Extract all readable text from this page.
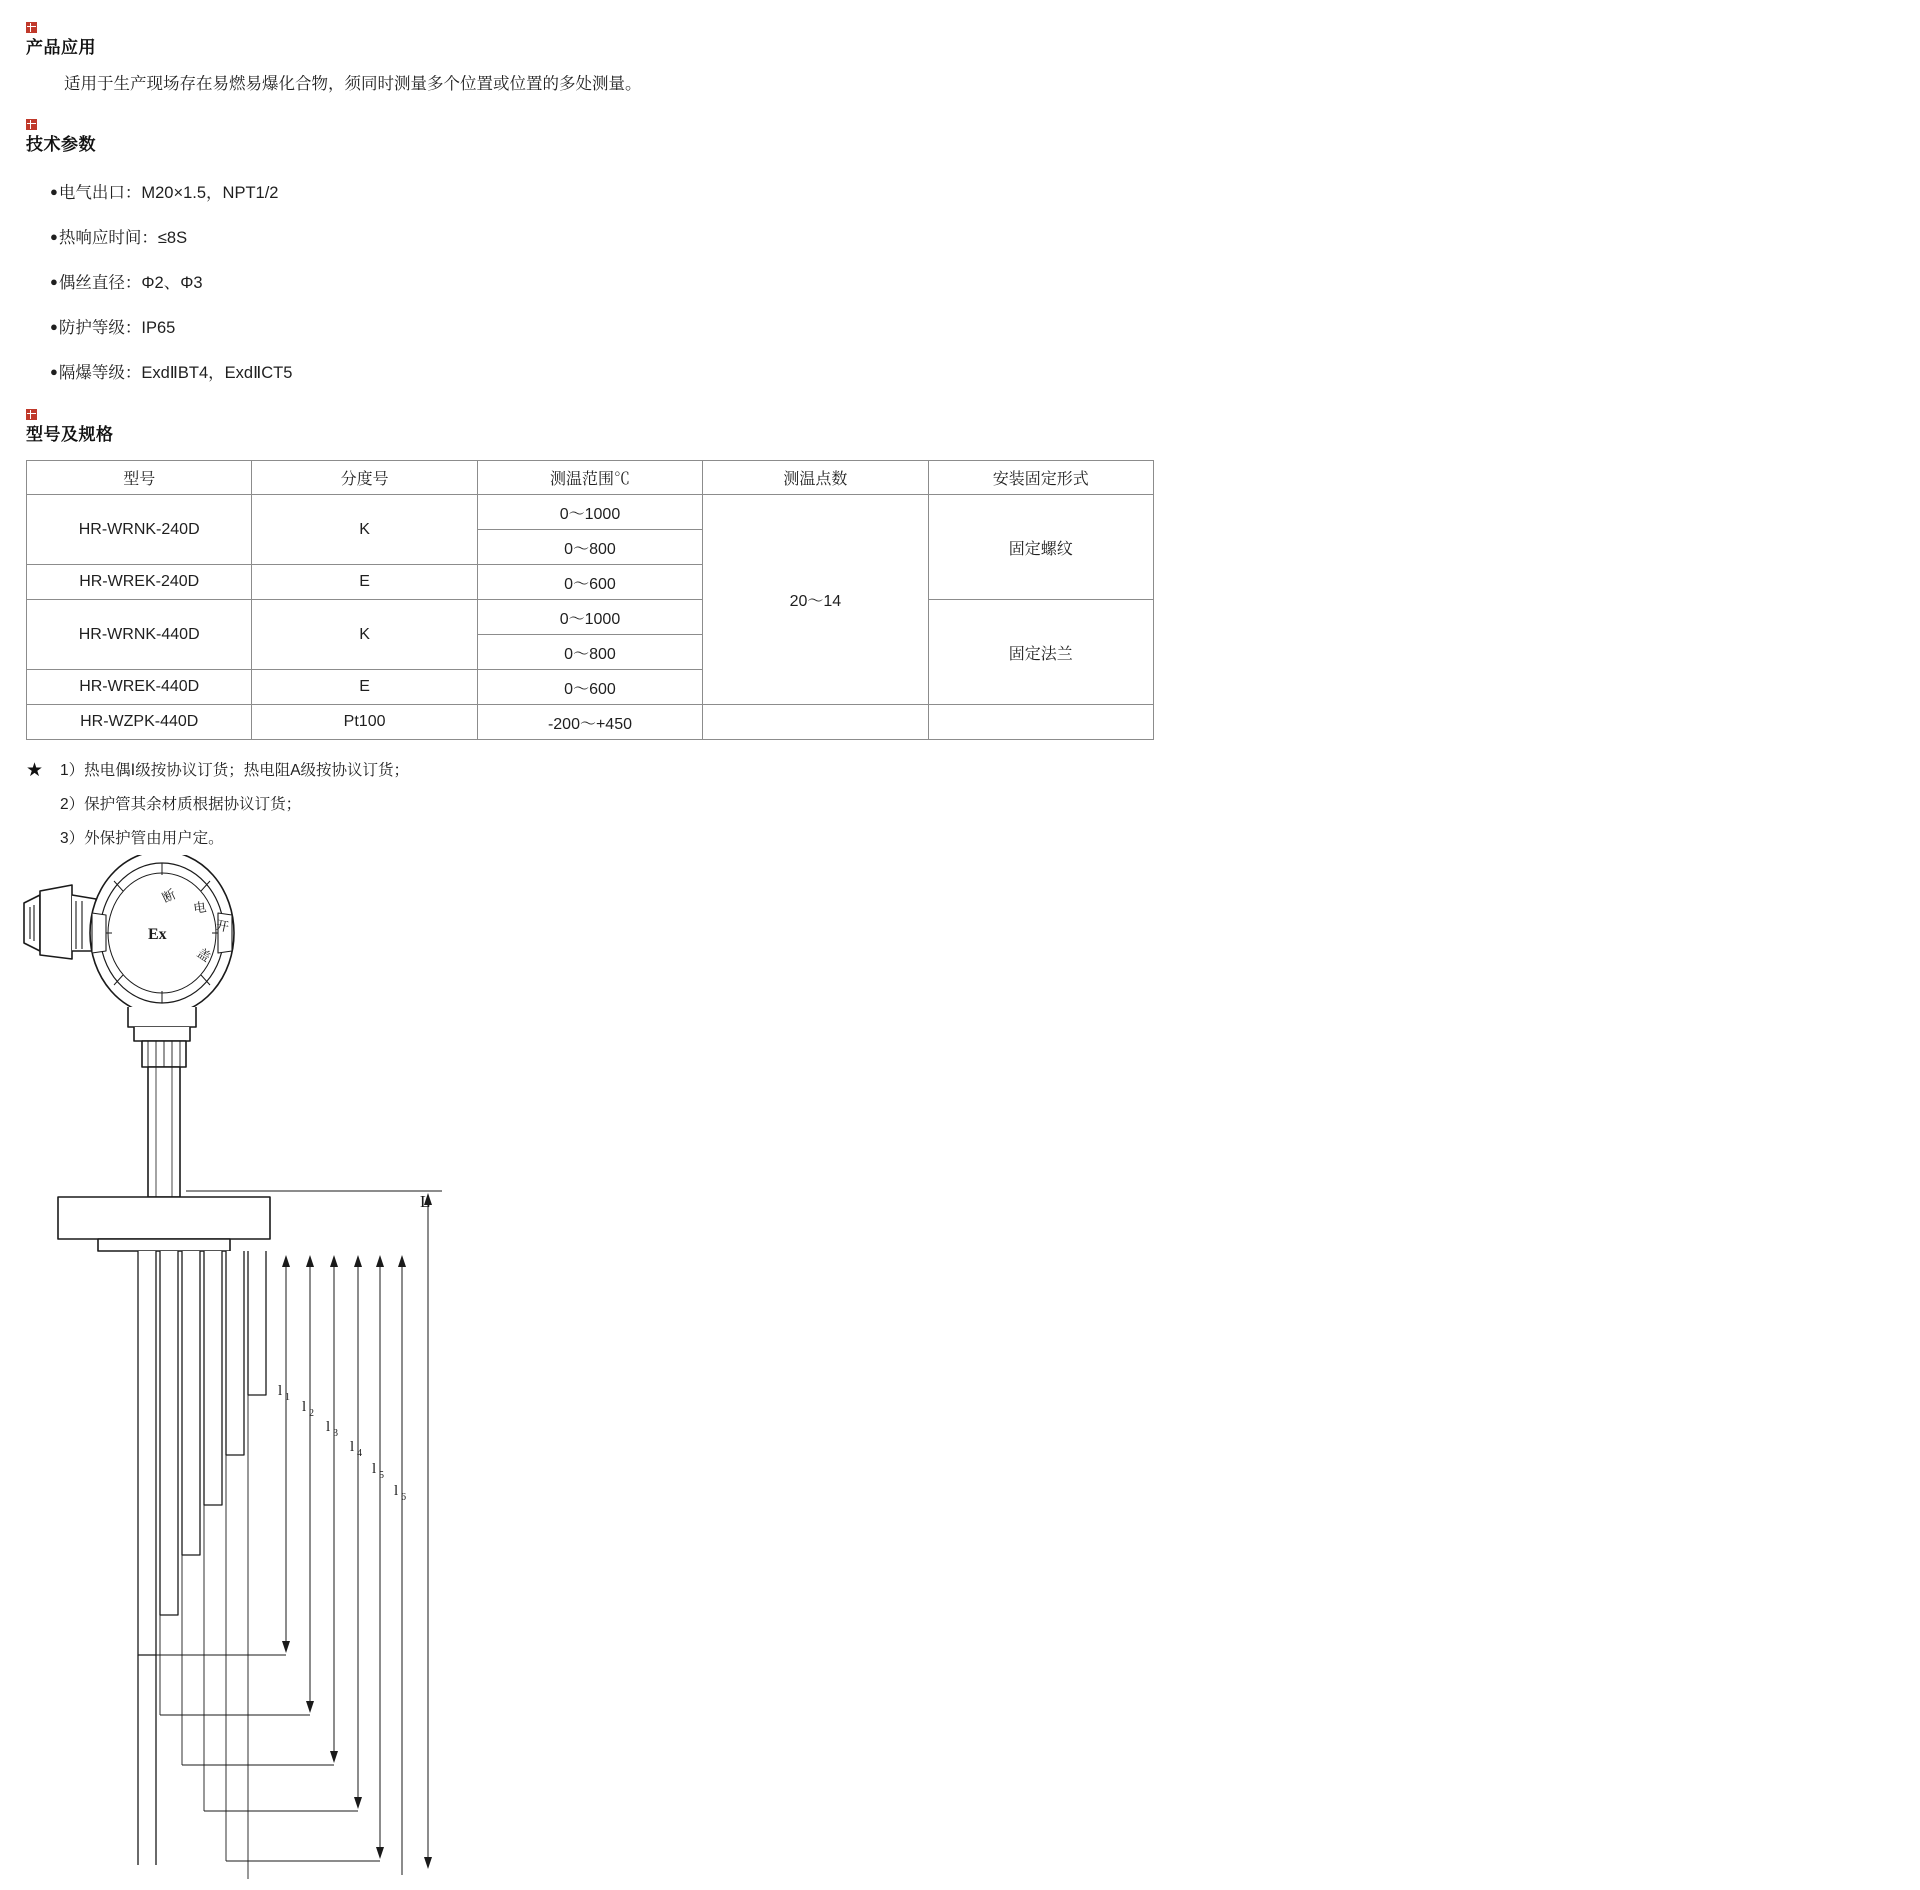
产品应用
适用于生产现场存在易燃易爆化合物，须同时测量多个位置或位置的多处测量。
技术参数
●电气出口：M20×1.5，NPT1/2
●热响应时间：≤8S
●偶丝直径：Φ2、Φ3
●防护等级：IP65
●隔爆等级：ExdⅡBT4，ExdⅡCT5
型号及规格
型号	分度号	测温范围℃	测温点数	安装固定形式
HR-WRNK-240D	K	0～1000	20～14	固定螺纹
		0～800		
HR-WREK-240D	E	0～600		
HR-WRNK-440D	K	0～1000		固定法兰
		0～800		
HR-WREK-440D	E	0～600		
HR-WZPK-440D	Pt100	-200～+450		
★	1）热电偶Ⅰ级按协议订货；热电阻A级按协议订货；
2）保护管其余材质根据协议订货；
3）外保护管由用户定。
Ex
断
电
开
盖
L
l 1
l 2
l 3
l 4
l 5
l 6
